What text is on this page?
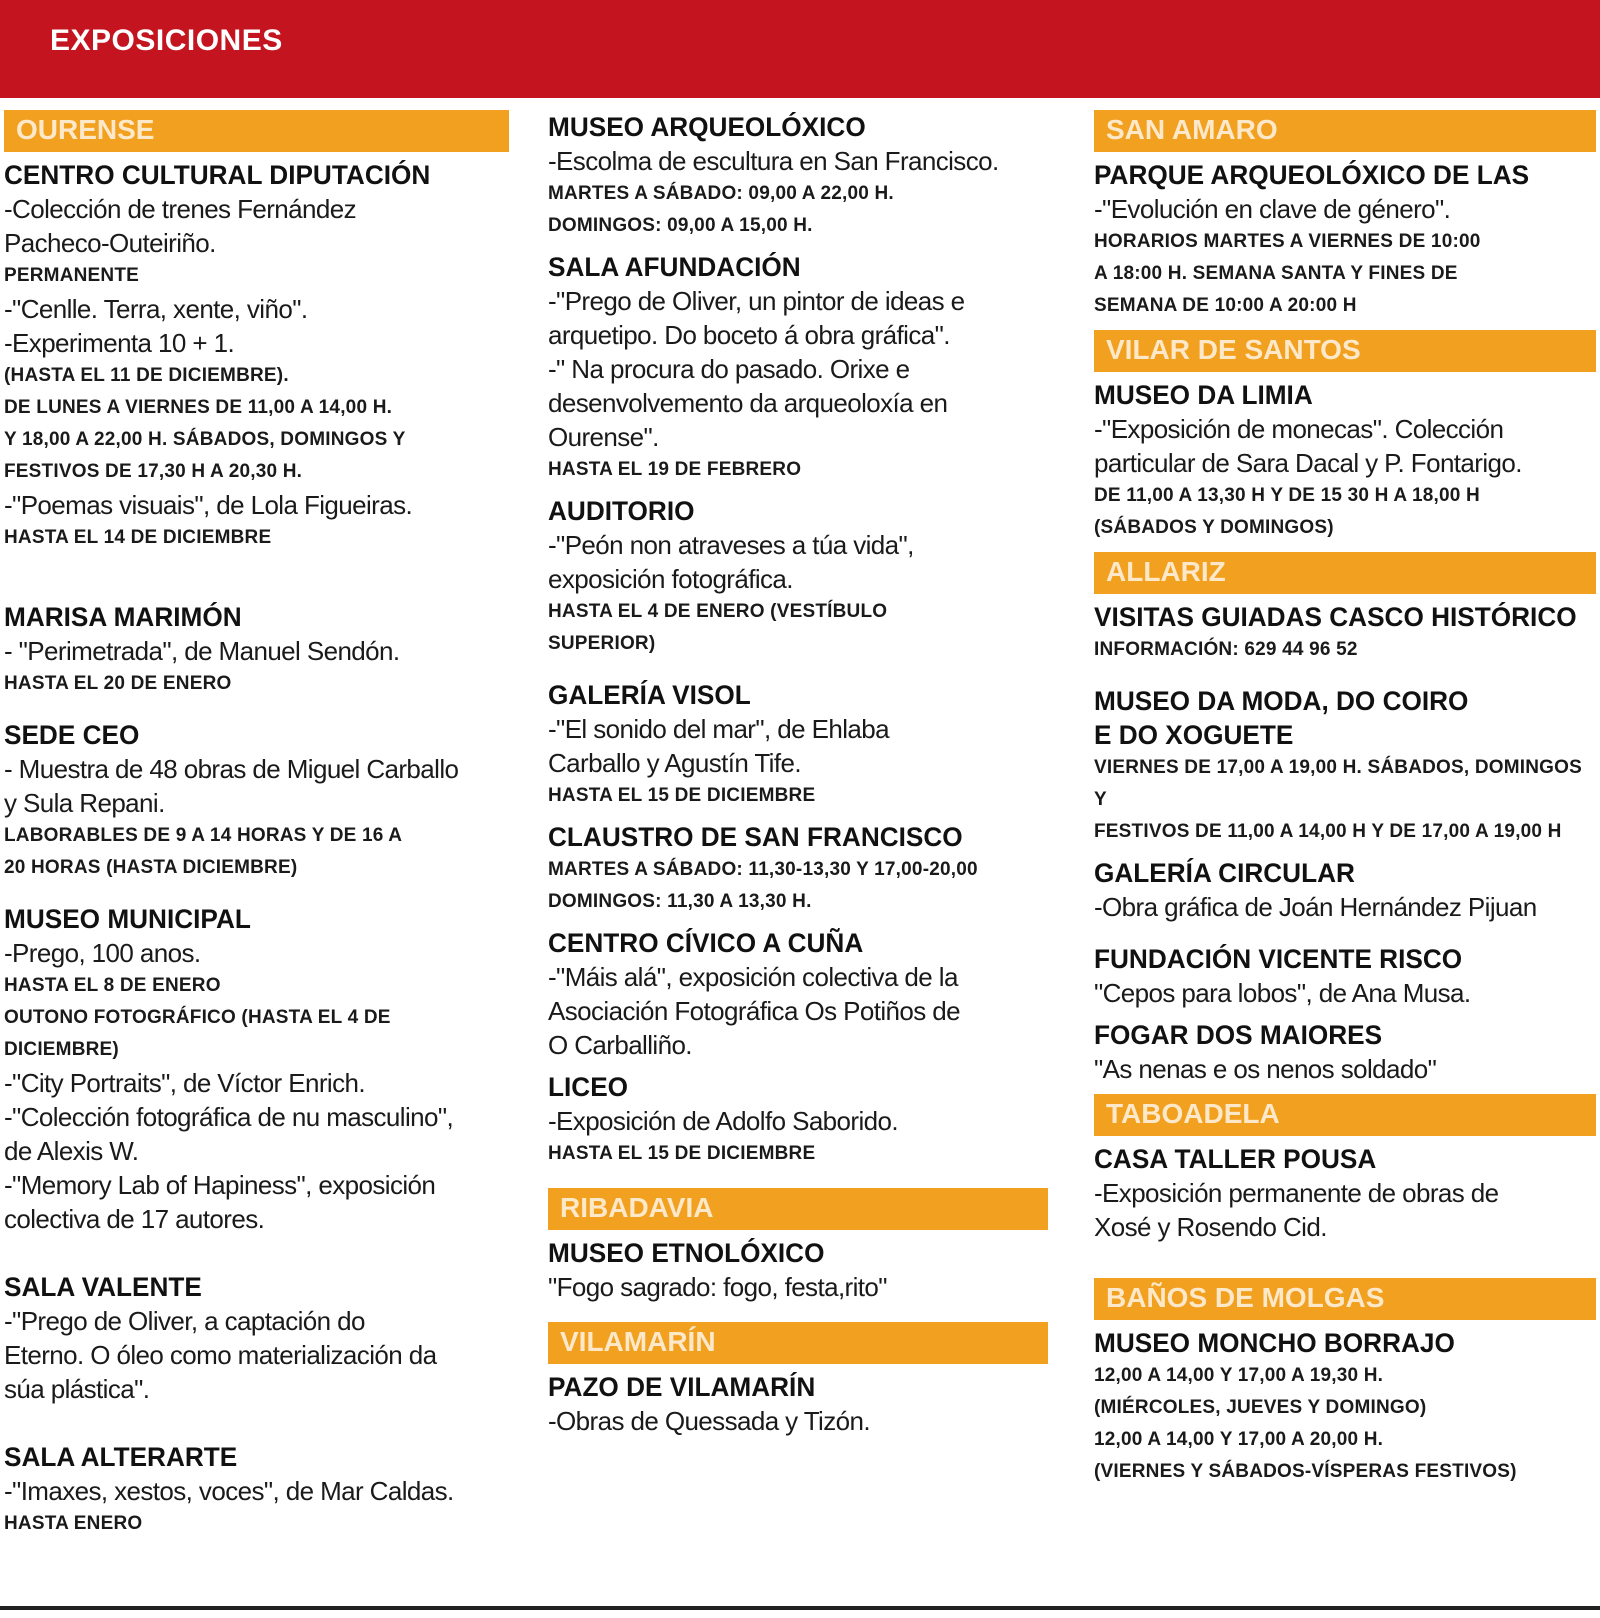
EXPOSICIONES
OURENSE
CENTRO CULTURAL DIPUTACIÓN
-Colección de trenes Fernández
Pacheco-Outeiriño.
PERMANENTE
-"Cenlle. Terra, xente, viño".
-Experimenta 10 + 1.
(HASTA EL 11 DE DICIEMBRE).
DE LUNES A VIERNES DE 11,00 A 14,00 H.
Y 18,00 A 22,00 H. SÁBADOS, DOMINGOS Y
FESTIVOS DE 17,30 H A 20,30 H.
-"Poemas visuais", de Lola Figueiras.
HASTA EL 14 DE DICIEMBRE
MARISA MARIMÓN
- "Perimetrada", de Manuel Sendón.
HASTA EL 20 DE ENERO
SEDE CEO
- Muestra de 48 obras de Miguel Carballo
y Sula Repani.
LABORABLES DE 9 A 14 HORAS Y DE 16 A
20 HORAS (HASTA DICIEMBRE)
MUSEO MUNICIPAL
-Prego, 100 anos.
HASTA EL 8 DE ENERO
OUTONO FOTOGRÁFICO (HASTA EL 4 DE
DICIEMBRE)
-"City Portraits", de Víctor Enrich.
-"Colección fotográfica de nu masculino",
de Alexis W.
-"Memory Lab of Hapiness", exposición
colectiva de 17 autores.
SALA VALENTE
-"Prego de Oliver, a captación do
Eterno. O óleo como materialización da
súa plástica".
SALA ALTERARTE
-"Imaxes, xestos, voces", de Mar Caldas.
HASTA ENERO
MUSEO ARQUEOLÓXICO
-Escolma de escultura en San Francisco.
MARTES A SÁBADO: 09,00 A 22,00 H.
DOMINGOS: 09,00 A 15,00 H.
SALA AFUNDACIÓN
-"Prego de Oliver, un pintor de ideas e
arquetipo. Do boceto á obra gráfica".
-" Na procura do pasado. Orixe e
desenvolvemento da arqueoloxía en
Ourense".
HASTA EL 19 DE FEBRERO
AUDITORIO
-"Peón non atraveses a túa vida",
exposición fotográfica.
HASTA EL 4 DE ENERO (VESTÍBULO
SUPERIOR)
GALERÍA VISOL
-"El sonido del mar", de Ehlaba
Carballo y Agustín Tife.
HASTA EL 15 DE DICIEMBRE
CLAUSTRO DE SAN FRANCISCO
MARTES A SÁBADO: 11,30-13,30 Y 17,00-20,00
DOMINGOS: 11,30 A 13,30 H.
CENTRO CÍVICO A CUÑA
-"Máis alá", exposición colectiva de la
Asociación Fotográfica Os Potiños de
O Carballiño.
LICEO
-Exposición de Adolfo Saborido.
HASTA EL 15 DE DICIEMBRE
RIBADAVIA
MUSEO ETNOLÓXICO
"Fogo sagrado: fogo, festa,rito"
VILAMARÍN
PAZO DE VILAMARÍN
-Obras de Quessada y Tizón.
SAN AMARO
PARQUE ARQUEOLÓXICO DE LAS
-"Evolución en clave de género".
HORARIOS MARTES A VIERNES DE 10:00
A 18:00 H. SEMANA SANTA Y FINES DE
SEMANA DE 10:00 A 20:00 H
VILAR DE SANTOS
MUSEO DA LIMIA
-"Exposición de monecas". Colección
particular de Sara Dacal y P. Fontarigo.
DE 11,00 A 13,30 H Y DE 15 30 H A 18,00 H
(SÁBADOS Y DOMINGOS)
ALLARIZ
VISITAS GUIADAS CASCO HISTÓRICO
INFORMACIÓN: 629 44 96 52
MUSEO DA MODA, DO COIRO
E DO XOGUETE
VIERNES DE 17,00 A 19,00 H. SÁBADOS, DOMINGOS Y
FESTIVOS DE 11,00 A 14,00 H Y DE 17,00 A 19,00 H
GALERÍA CIRCULAR
-Obra gráfica de Joán Hernández Pijuan
FUNDACIÓN VICENTE RISCO
"Cepos para lobos", de Ana Musa.
FOGAR DOS MAIORES
"As nenas e os nenos soldado"
TABOADELA
CASA TALLER POUSA
-Exposición permanente de obras de
Xosé y Rosendo Cid.
BAÑOS DE MOLGAS
MUSEO MONCHO BORRAJO
12,00 A 14,00 Y 17,00 A 19,30 H.
(MIÉRCOLES, JUEVES Y DOMINGO)
12,00 A 14,00 Y 17,00 A 20,00 H.
(VIERNES Y SÁBADOS-VÍSPERAS FESTIVOS)
